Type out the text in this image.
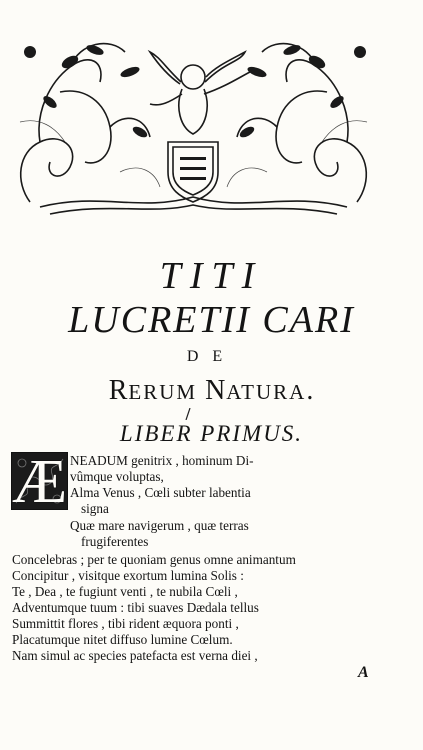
TITI
LUCRETII CARI
DE
RERUM NATURA.
LIBER PRIMUS.
Æ NEADUM genitrix , hominum Di-
vûmque voluptas,
Alma Venus , Cœli subter labentia
signa
Quæ mare navigerum , quæ terras
frugiferentes
Concelebras ; per te quoniam genus omne animantum
Concipitur , visitque exortum lumina Solis :
Te , Dea , te fugiunt venti , te nubila Cœli ,
Adventumque tuum : tibi suaves Dædala tellus
Summittit flores , tibi rident æquora ponti ,
Placatumque nitet diffuso lumine Cœlum.
Nam simul ac species patefacta est verna diei ,
A
